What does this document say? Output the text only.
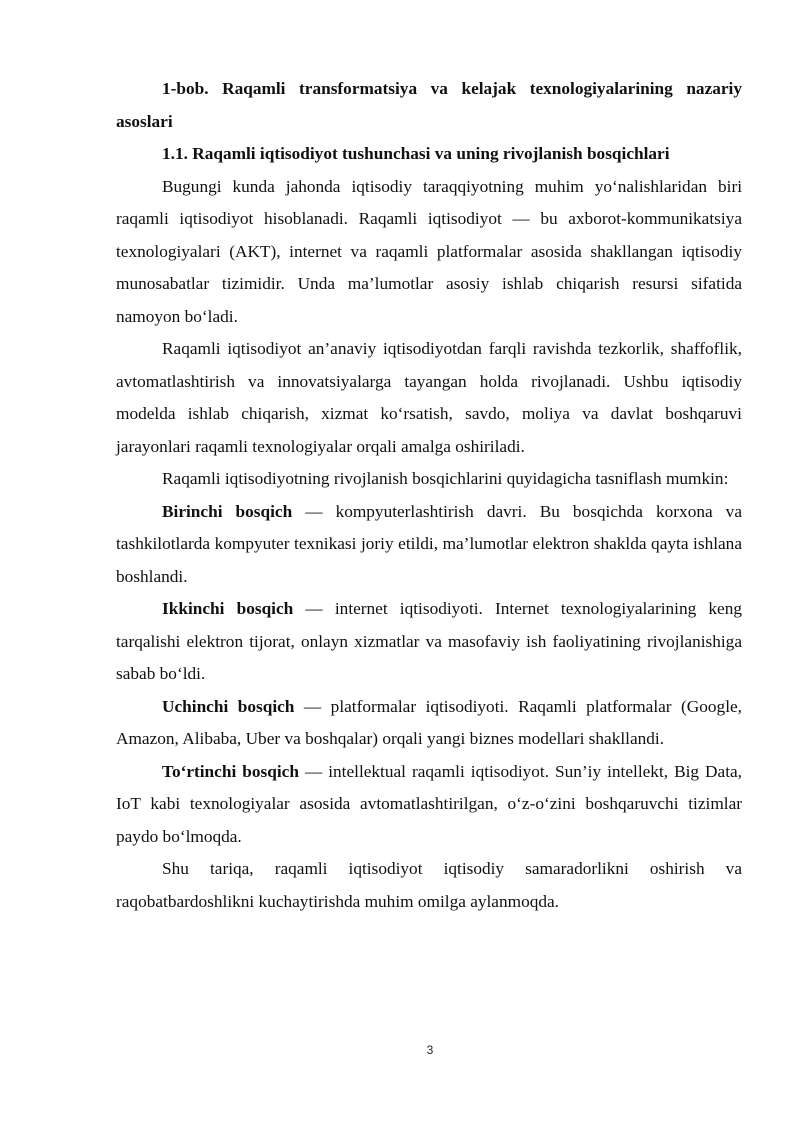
1-bob. Raqamli transformatsiya va kelajak texnologiyalarining nazariy asoslari

1.1. Raqamli iqtisodiyot tushunchasi va uning rivojlanish bosqichlari

Bugungi kunda jahonda iqtisodiy taraqqiyotning muhim yo‘nalishlaridan biri raqamli iqtisodiyot hisoblanadi. Raqamli iqtisodiyot — bu axborot-kommunikatsiya texnologiyalari (AKT), internet va raqamli platformalar asosida shakllangan iqtisodiy munosabatlar tizimidir. Unda ma’lumotlar asosiy ishlab chiqarish resursi sifatida namoyon bo‘ladi.

Raqamli iqtisodiyot an’anaviy iqtisodiyotdan farqli ravishda tezkorlik, shaffoflik, avtomatlashtirish va innovatsiyalarga tayangan holda rivojlanadi. Ushbu iqtisodiy modelda ishlab chiqarish, xizmat ko‘rsatish, savdo, moliya va davlat boshqaruvi jarayonlari raqamli texnologiyalar orqali amalga oshiriladi.

Raqamli iqtisodiyotning rivojlanish bosqichlarini quyidagicha tasniflash mumkin:

Birinchi bosqich — kompyuterlashtirish davri. Bu bosqichda korxona va tashkilotlarda kompyuter texnikasi joriy etildi, ma’lumotlar elektron shaklda qayta ishlana boshlandi.

Ikkinchi bosqich — internet iqtisodiyoti. Internet texnologiyalarining keng tarqalishi elektron tijorat, onlayn xizmatlar va masofaviy ish faoliyatining rivojlanishiga sabab bo‘ldi.

Uchinchi bosqich — platformalar iqtisodiyoti. Raqamli platformalar (Google, Amazon, Alibaba, Uber va boshqalar) orqali yangi biznes modellari shakllandi.

To‘rtinchi bosqich — intellektual raqamli iqtisodiyot. Sun’iy intellekt, Big Data, IoT kabi texnologiyalar asosida avtomatlashtirilgan, o‘z-o‘zini boshqaruvchi tizimlar paydo bo‘lmoqda.

Shu tariqa, raqamli iqtisodiyot iqtisodiy samaradorlikni oshirish va raqobatbardoshlikni kuchaytirishda muhim omilga aylanmoqda.

3
